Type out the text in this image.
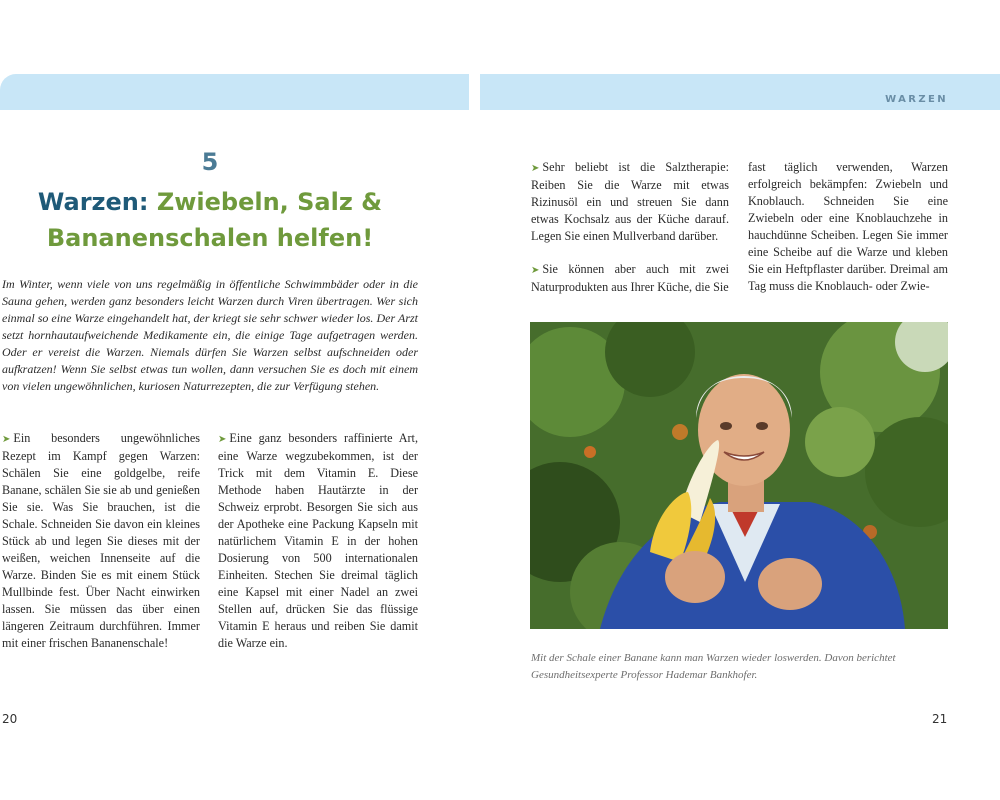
WARZEN
5
Warzen: Zwiebeln, Salz &
Bananenschalen helfen!

Im Winter, wenn viele von uns regelmäßig in öffentliche Schwimmbäder oder in die Sauna gehen, werden ganz besonders leicht Warzen durch Viren übertragen. Wer sich einmal so eine Warze eingehandelt hat, der kriegt sie sehr schwer wieder los. Der Arzt setzt hornhautaufweichende Medikamente ein, die einige Tage aufgetragen werden. Oder er vereist die Warzen. Niemals dürfen Sie Warzen selbst aufschneiden oder aufkratzen! Wenn Sie selbst etwas tun wollen, dann versuchen Sie es doch mit einem von vielen ungewöhnlichen, kuriosen Naturrezepten, die zur Verfügung stehen.

➤ Ein besonders ungewöhnliches Rezept im Kampf gegen Warzen: Schälen Sie eine goldgelbe, reife Banane, schälen Sie sie ab und genießen Sie sie. Was Sie brauchen, ist die Schale. Schneiden Sie davon ein kleines Stück ab und legen Sie dieses mit der weißen, weichen Innenseite auf die Warze. Binden Sie es mit einem Stück Mullbinde fest. Über Nacht einwirken lassen. Sie müssen das über einen längeren Zeitraum durchführen. Immer mit einer frischen Bananenschale!

➤ Eine ganz besonders raffinierte Art, eine Warze wegzubekommen, ist der Trick mit dem Vitamin E. Diese Methode haben Hautärzte in der Schweiz erprobt. Besorgen Sie sich aus der Apotheke eine Packung Kapseln mit natürlichem Vitamin E in der hohen Dosierung von 500 internationalen Einheiten. Stechen Sie dreimal täglich eine Kapsel mit einer Nadel an zwei Stellen auf, drücken Sie das flüssige Vitamin E heraus und reiben Sie damit die Warze ein.

➤ Sehr beliebt ist die Salztherapie: Reiben Sie die Warze mit etwas Rizinusöl ein und streuen Sie dann etwas Kochsalz aus der Küche darauf. Legen Sie einen Mullverband darüber.

➤ Sie können aber auch mit zwei Naturprodukten aus Ihrer Küche, die Sie

fast täglich verwenden, Warzen erfolgreich bekämpfen: Zwiebeln und Knoblauch. Schneiden Sie eine Zwiebeln oder eine Knoblauchzehe in hauchdünne Scheiben. Legen Sie immer eine Scheibe auf die Warze und kleben Sie ein Heftpflaster darüber. Dreimal am Tag muss die Knoblauch- oder Zwie-

Mit der Schale einer Banane kann man Warzen wieder loswerden. Davon berichtet Gesundheitsexperte Professor Hademar Bankhofer.

20	21
